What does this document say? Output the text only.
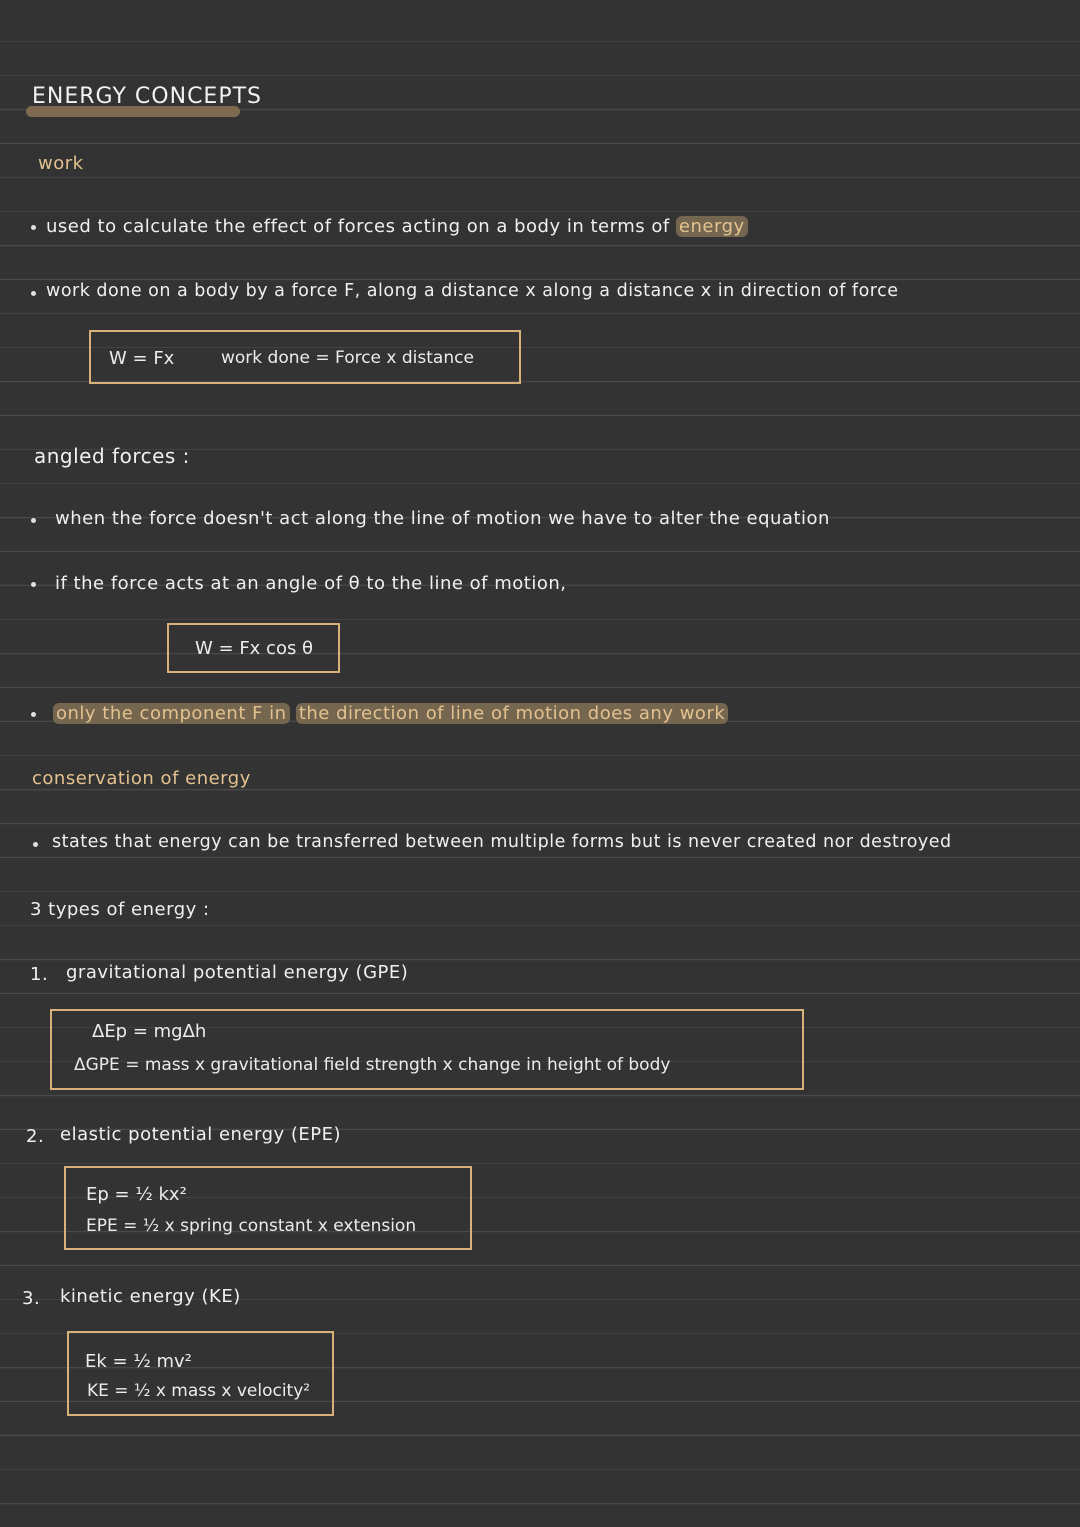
ENERGY CONCEPTS
work
used to calculate the effect of forces acting on a body in terms of energy
work done on a body by a force F, along a distance x along a distance x in direction of force
W = Fx	work done = Force x distance
angled forces :
when the force doesn't act along the line of motion we have to alter the equation
if the force acts at an angle of θ to the line of motion,
W = Fx cos θ
only the component F in the direction of line of motion does any work
conservation of energy
states that energy can be transferred between multiple forms but is never created nor destroyed
3 types of energy :
1. gravitational potential energy (GPE)
ΔEp = mgΔh
ΔGPE = mass x gravitational field strength x change in height of body
2. elastic potential energy (EPE)
Ep = ½ kx²
EPE = ½ x spring constant x extension
3. kinetic energy (KE)
Ek = ½ mv²
KE = ½ x mass x velocity²
